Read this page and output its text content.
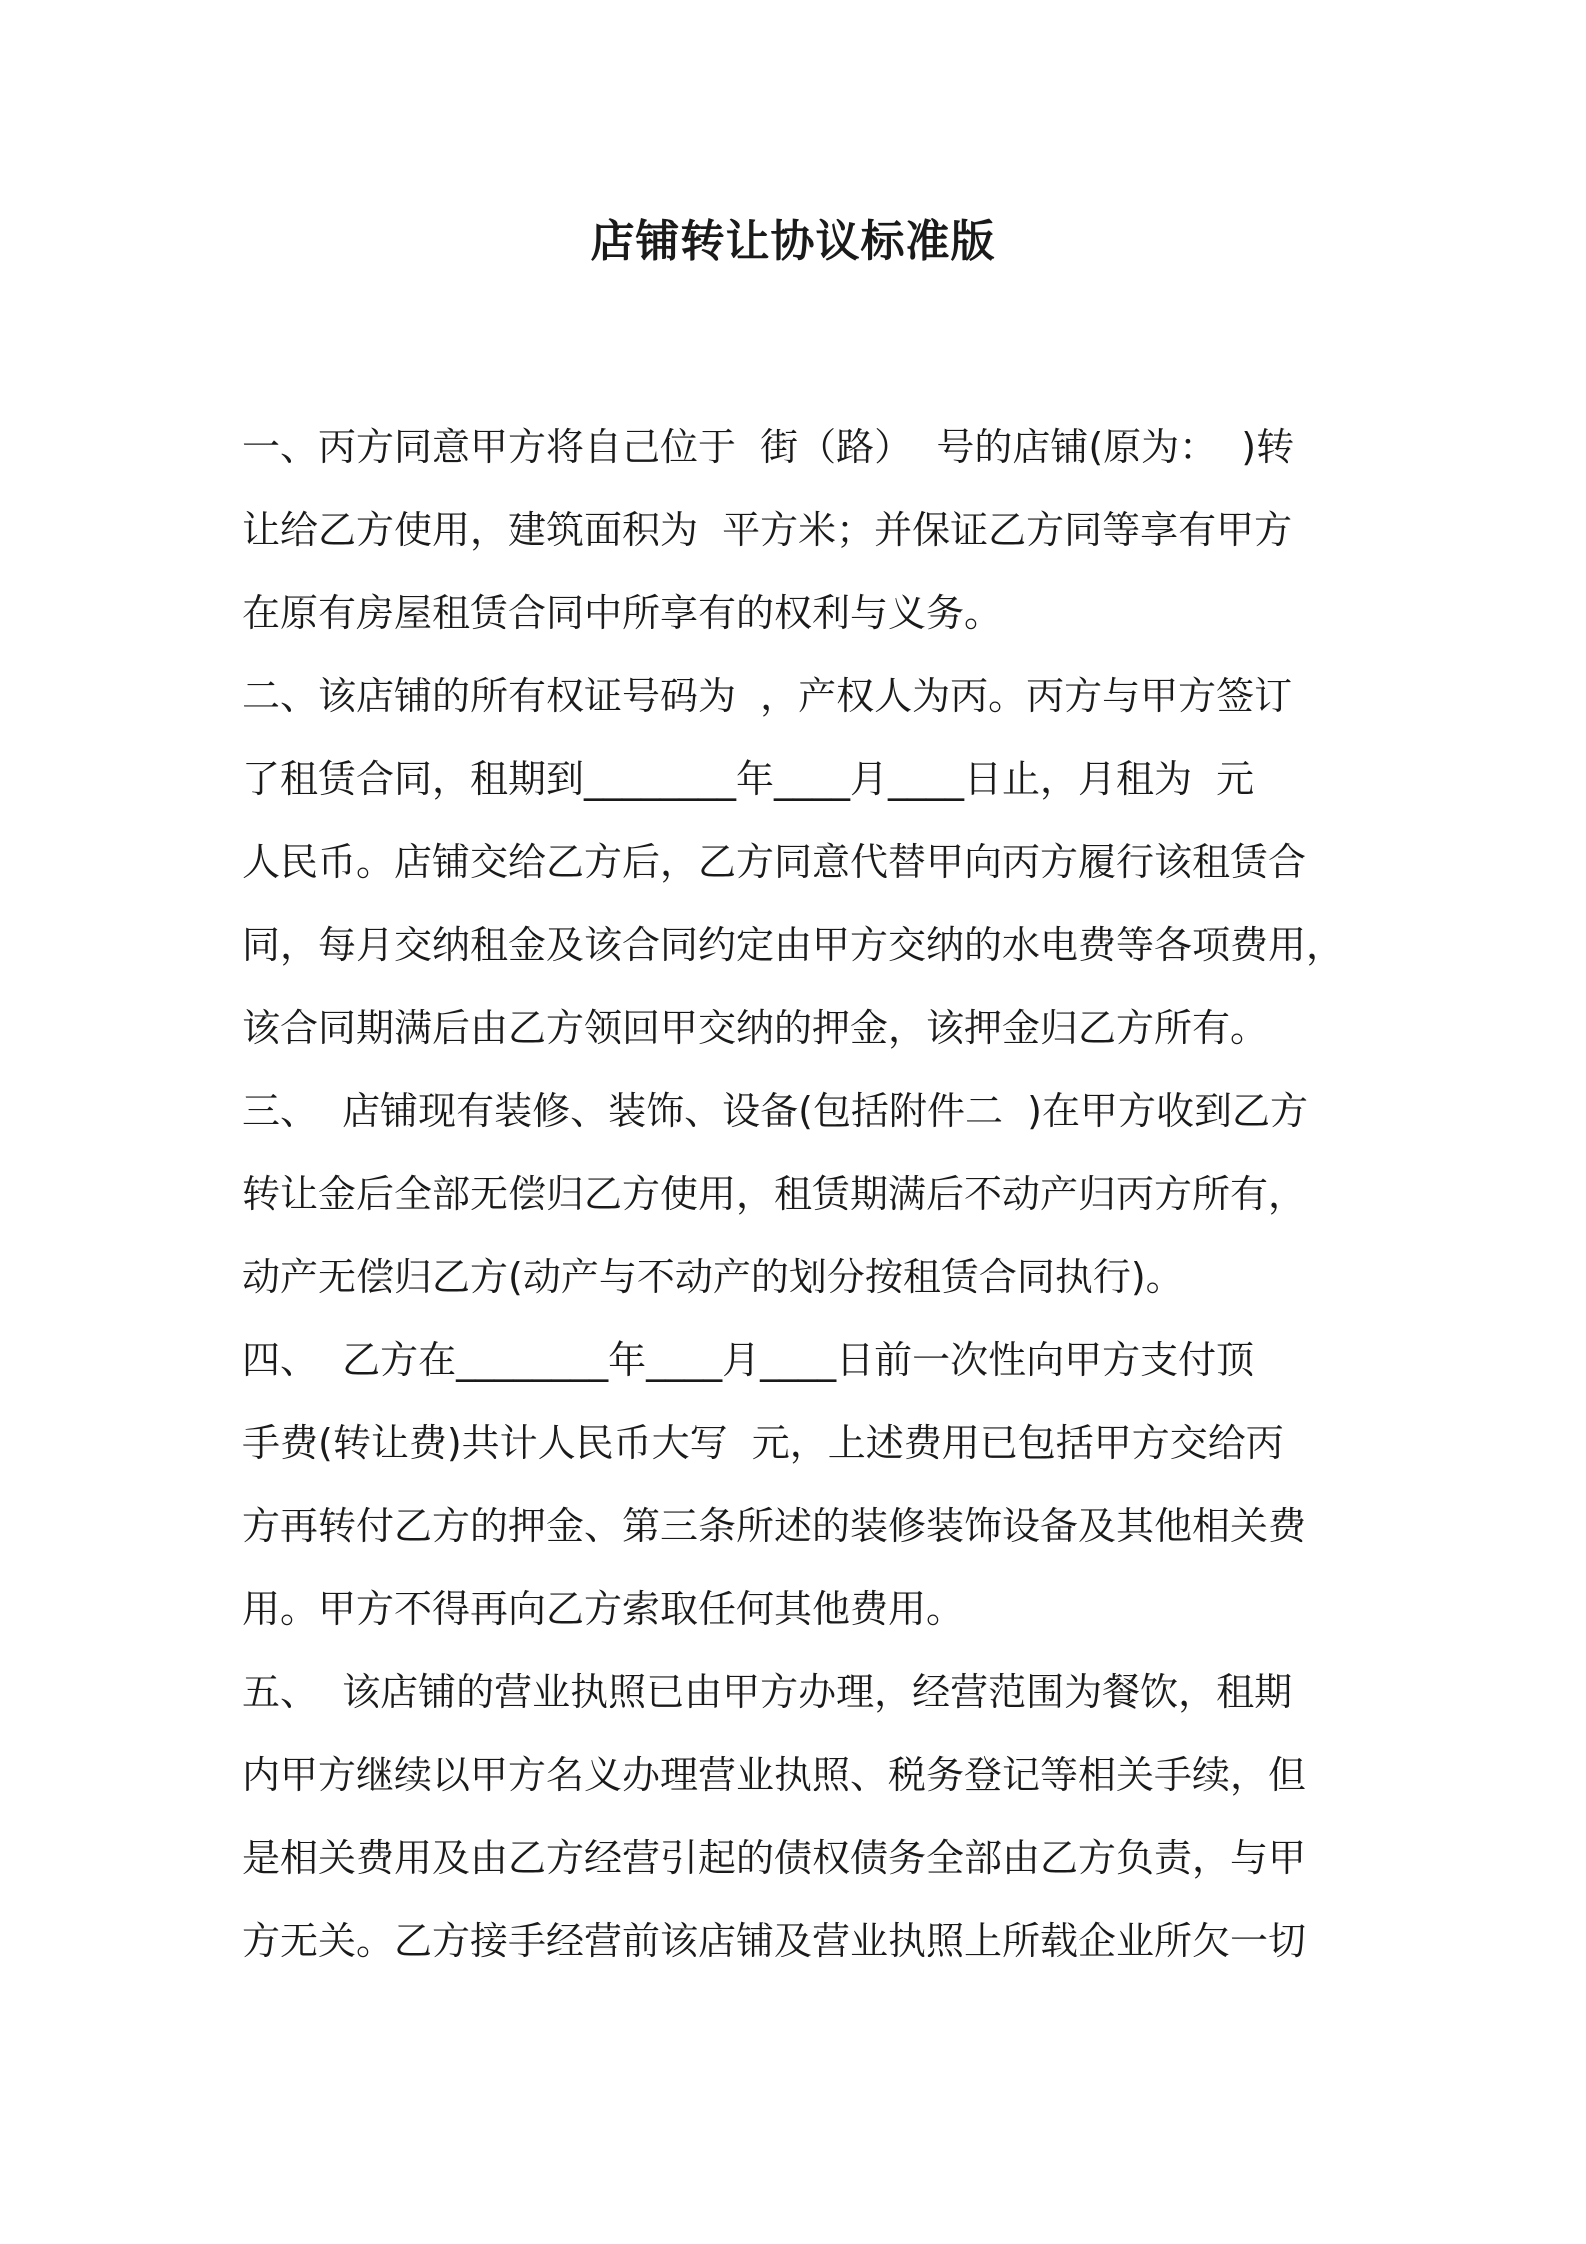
店铺转让协议标准版
一、丙方同意甲方将自己位于  街（路）  号的店铺(原为：  )转
让给乙方使用，建筑面积为  平方米；并保证乙方同等享有甲方
在原有房屋租赁合同中所享有的权利与义务。
二、该店铺的所有权证号码为  ，产权人为丙。丙方与甲方签订
了租赁合同，租期到________年____月____日止，月租为  元
人民币。店铺交给乙方后，乙方同意代替甲向丙方履行该租赁合
同，每月交纳租金及该合同约定由甲方交纳的水电费等各项费用，
该合同期满后由乙方领回甲交纳的押金，该押金归乙方所有。
三、  店铺现有装修、装饰、设备(包括附件二  )在甲方收到乙方
转让金后全部无偿归乙方使用，租赁期满后不动产归丙方所有，
动产无偿归乙方(动产与不动产的划分按租赁合同执行)。
四、  乙方在________年____月____日前一次性向甲方支付顶
手费(转让费)共计人民币大写  元，上述费用已包括甲方交给丙
方再转付乙方的押金、第三条所述的装修装饰设备及其他相关费
用。甲方不得再向乙方索取任何其他费用。
五、  该店铺的营业执照已由甲方办理，经营范围为餐饮，租期
内甲方继续以甲方名义办理营业执照、税务登记等相关手续，但
是相关费用及由乙方经营引起的债权债务全部由乙方负责，与甲
方无关。乙方接手经营前该店铺及营业执照上所载企业所欠一切
